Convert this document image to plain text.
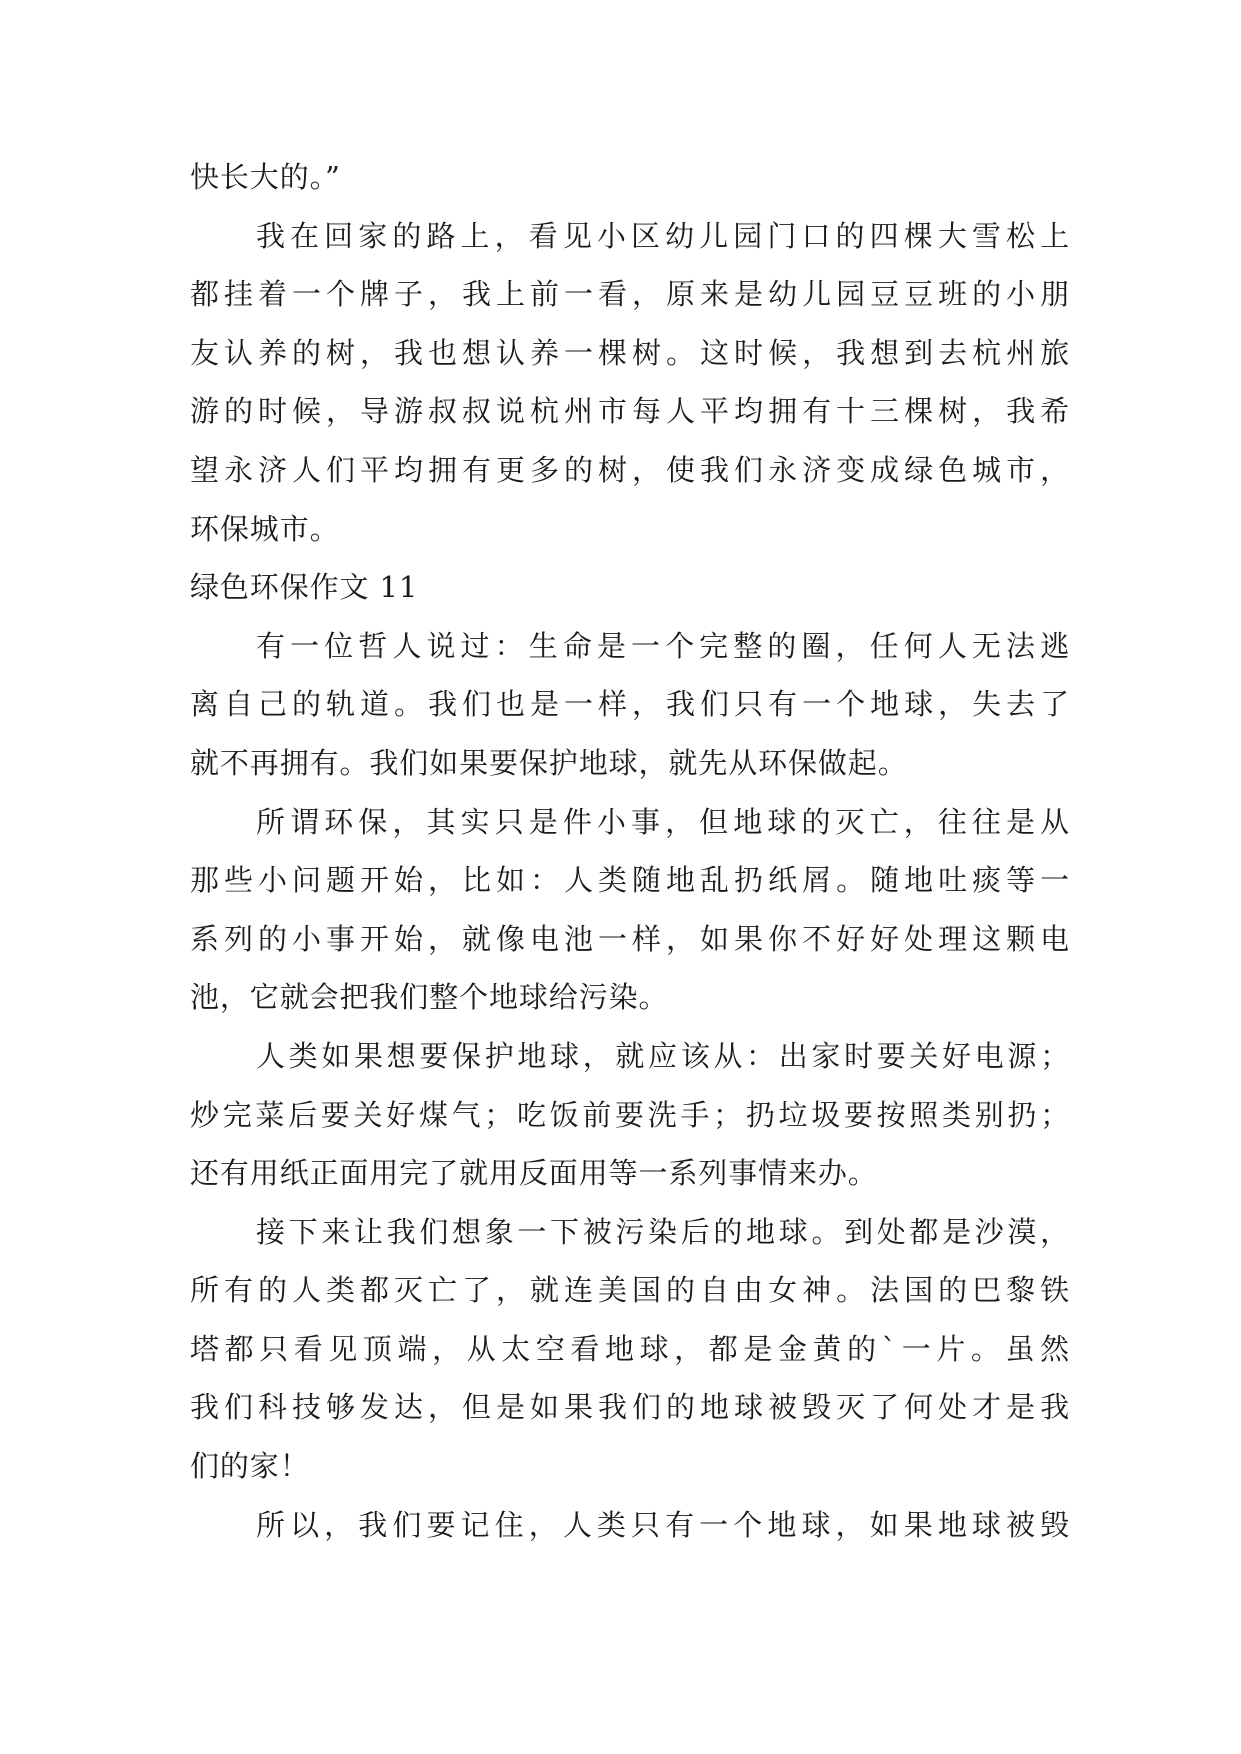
快长大的。”
我在回家的路上，看见小区幼儿园门口的四棵大雪松上
都挂着一个牌子，我上前一看，原来是幼儿园豆豆班的小朋
友认养的树，我也想认养一棵树。这时候，我想到去杭州旅
游的时候，导游叔叔说杭州市每人平均拥有十三棵树，我希
望永济人们平均拥有更多的树，使我们永济变成绿色城市，
环保城市。
绿色环保作文 11
有一位哲人说过：生命是一个完整的圈，任何人无法逃
离自己的轨道。我们也是一样，我们只有一个地球，失去了
就不再拥有。我们如果要保护地球，就先从环保做起。
所谓环保，其实只是件小事，但地球的灭亡，往往是从
那些小问题开始，比如：人类随地乱扔纸屑。随地吐痰等一
系列的小事开始，就像电池一样，如果你不好好处理这颗电
池，它就会把我们整个地球给污染。
人类如果想要保护地球，就应该从：出家时要关好电源；
炒完菜后要关好煤气；吃饭前要洗手；扔垃圾要按照类别扔；
还有用纸正面用完了就用反面用等一系列事情来办。
接下来让我们想象一下被污染后的地球。到处都是沙漠，
所有的人类都灭亡了，就连美国的自由女神。法国的巴黎铁
塔都只看见顶端，从太空看地球，都是金黄的`一片。虽然
我们科技够发达，但是如果我们的地球被毁灭了何处才是我
们的家！
所以，我们要记住，人类只有一个地球，如果地球被毁
